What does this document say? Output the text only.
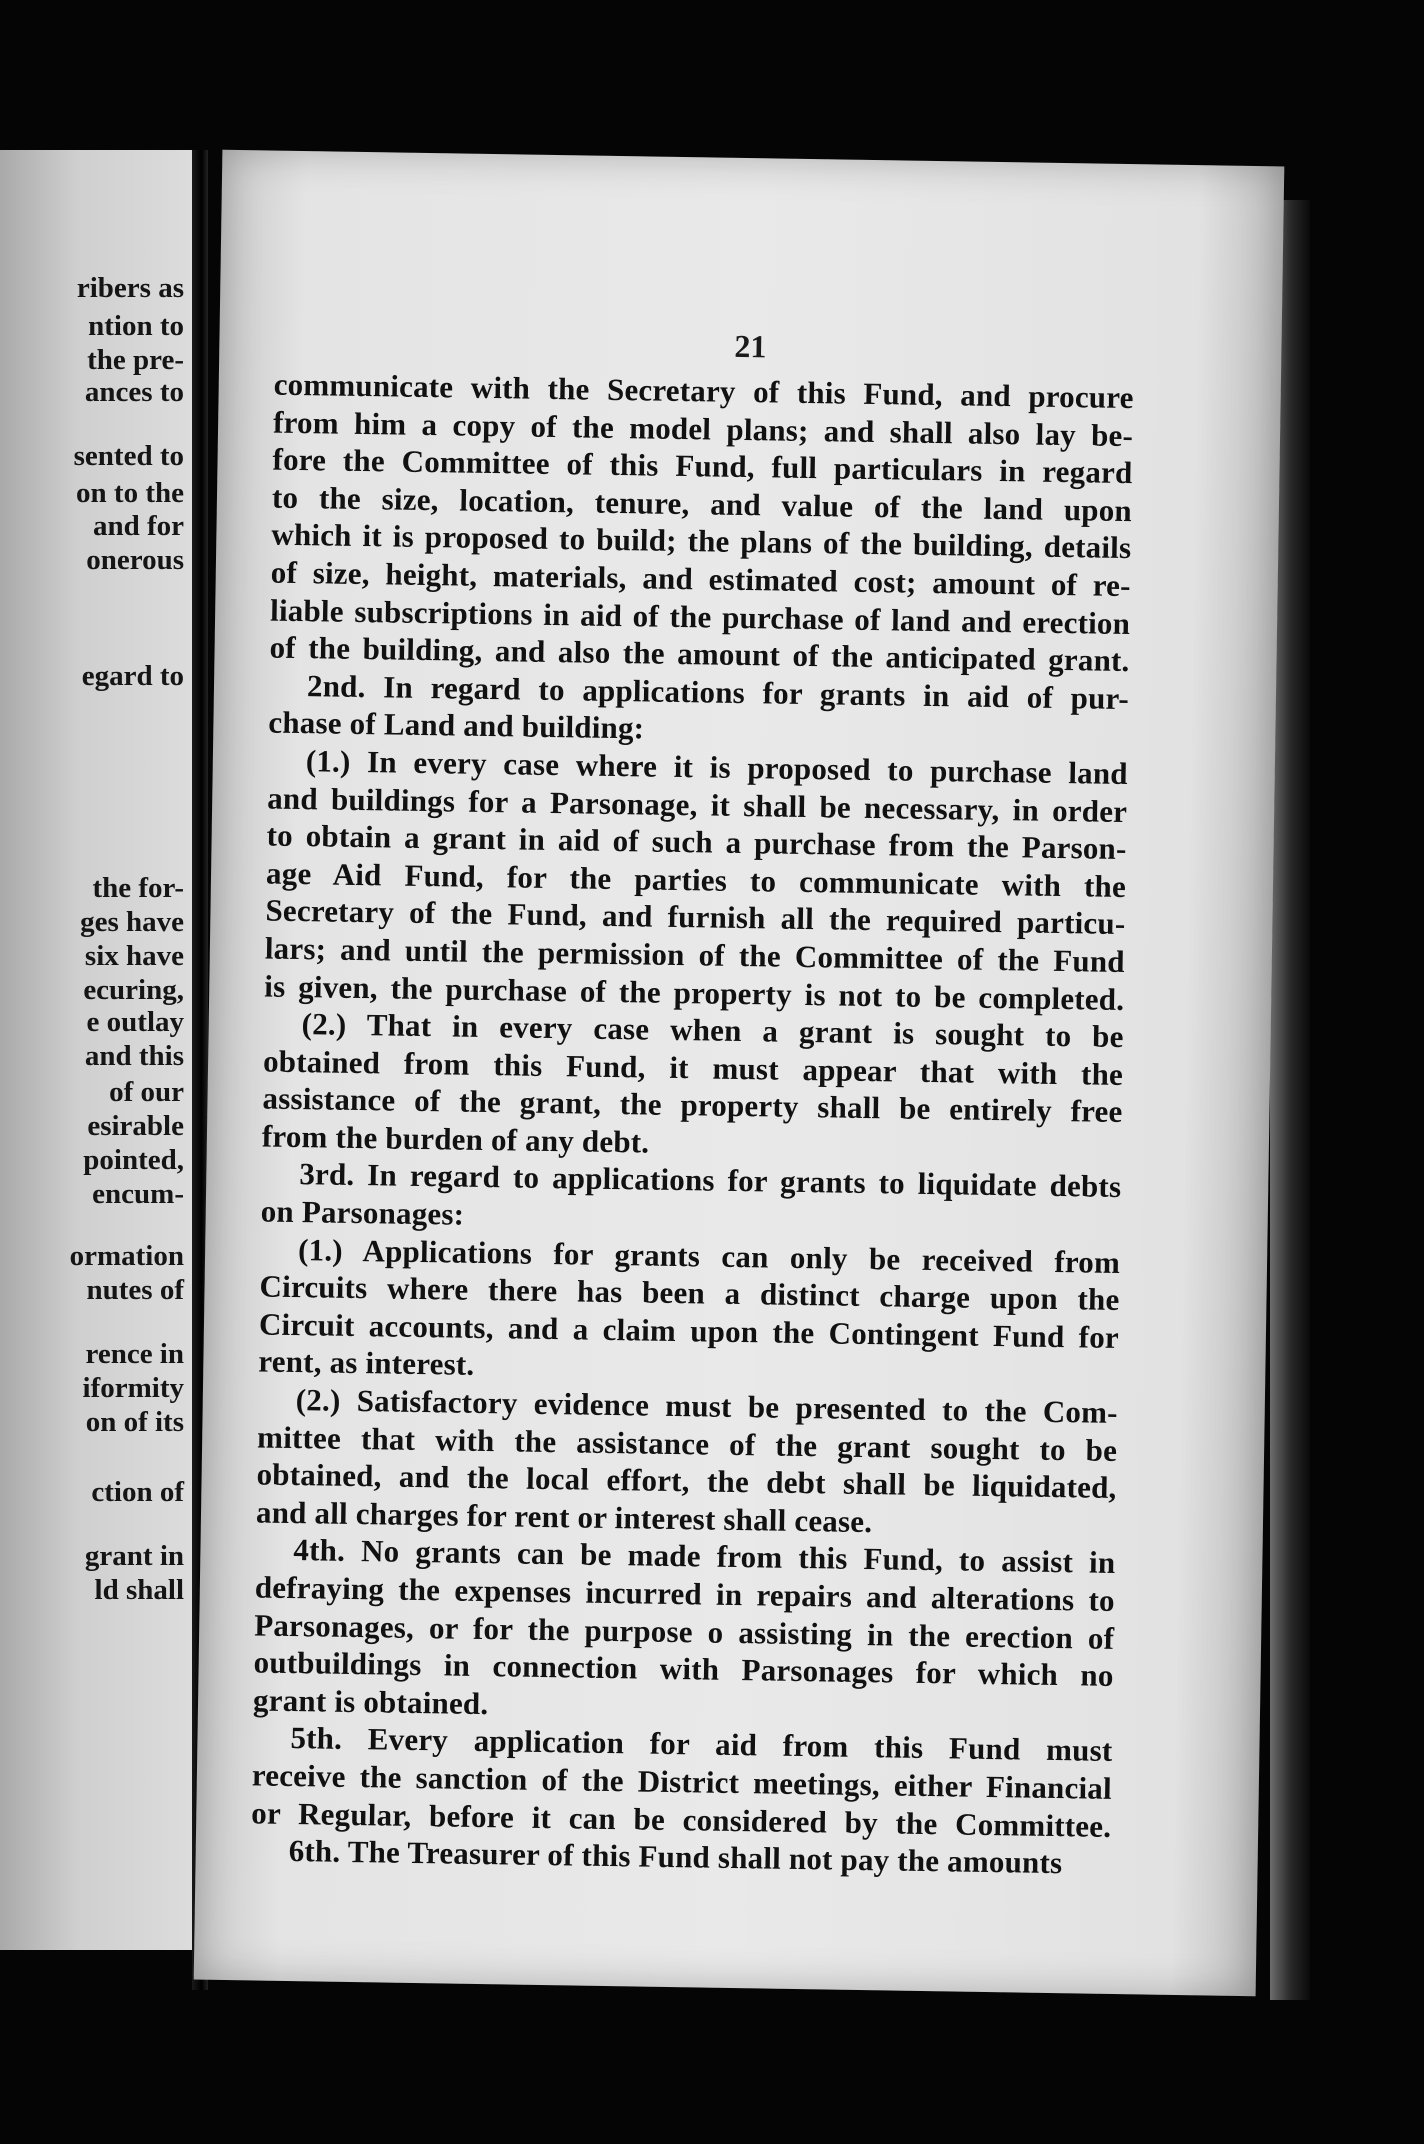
ribers as
ntion to
the pre-
ances to
sented to
on to the
and for
onerous
egard to
the for-
ges have
six have
ecuring,
e outlay
and this
of our
esirable
pointed,
encum-
ormation
nutes of
rence in
iformity
on of its
ction of
grant in
ld shall
21
communicate with the Secretary of this Fund, and procure
from him a copy of the model plans; and shall also lay be-
fore the Committee of this Fund, full particulars in regard
to the size, location, tenure, and value of the land upon
which it is proposed to build; the plans of the building, details
of size, height, materials, and estimated cost; amount of re-
liable subscriptions in aid of the purchase of land and erection
of the building, and also the amount of the anticipated grant.
2nd. In regard to applications for grants in aid of pur-
chase of Land and building:
(1.) In every case where it is proposed to purchase land
and buildings for a Parsonage, it shall be necessary, in order
to obtain a grant in aid of such a purchase from the Parson-
age Aid Fund, for the parties to communicate with the
Secretary of the Fund, and furnish all the required particu-
lars; and until the permission of the Committee of the Fund
is given, the purchase of the property is not to be completed.
(2.) That in every case when a grant is sought to be
obtained from this Fund, it must appear that with the
assistance of the grant, the property shall be entirely free
from the burden of any debt.
3rd. In regard to applications for grants to liquidate debts
on Parsonages:
(1.) Applications for grants can only be received from
Circuits where there has been a distinct charge upon the
Circuit accounts, and a claim upon the Contingent Fund for
rent, as interest.
(2.) Satisfactory evidence must be presented to the Com-
mittee that with the assistance of the grant sought to be
obtained, and the local effort, the debt shall be liquidated,
and all charges for rent or interest shall cease.
4th. No grants can be made from this Fund, to assist in
defraying the expenses incurred in repairs and alterations to
Parsonages, or for the purpose o assisting in the erection of
outbuildings in connection with Parsonages for which no
grant is obtained.
5th. Every application for aid from this Fund must
receive the sanction of the District meetings, either Financial
or Regular, before it can be considered by the Committee.
6th. The Treasurer of this Fund shall not pay the amounts
